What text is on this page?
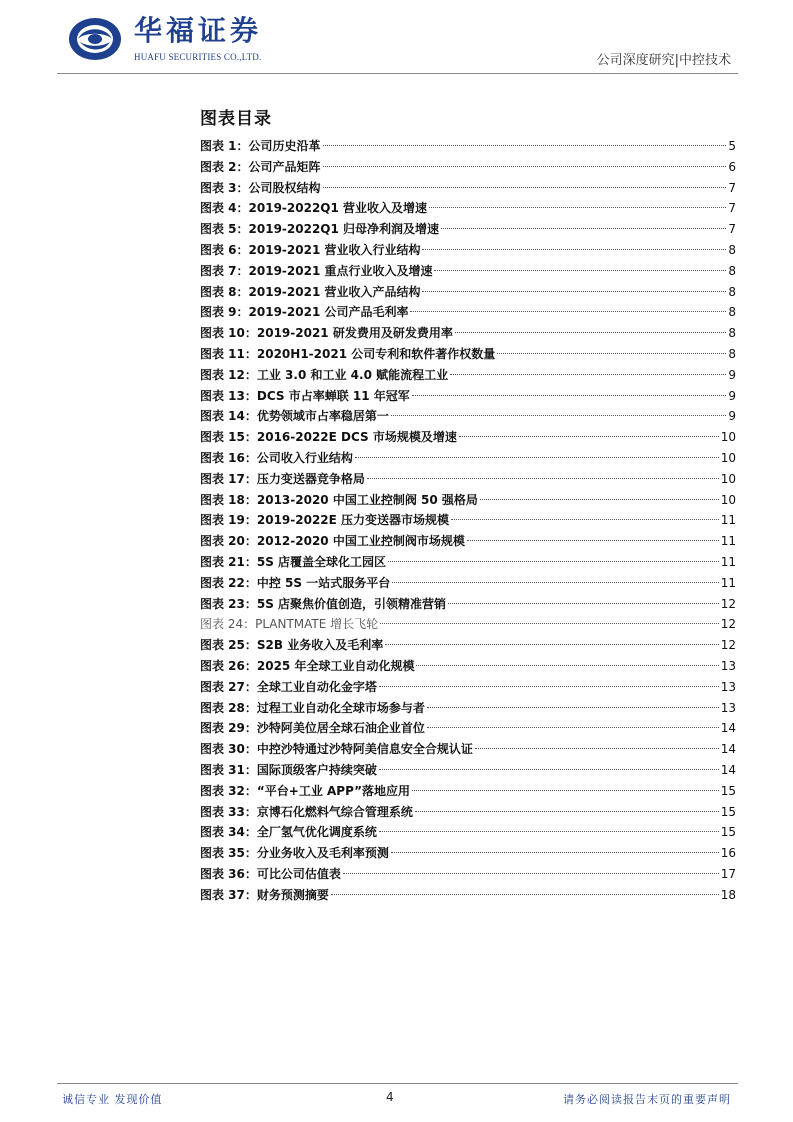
华福证券
HUAFU SECURITIES CO.,LTD.	公司深度研究|中控技术
图表目录
图表 1：公司历史沿革	5
图表 2：公司产品矩阵	6
图表 3：公司股权结构	7
图表 4：2019-2022Q1 营业收入及增速	7
图表 5：2019-2022Q1 归母净利润及增速	7
图表 6：2019-2021 营业收入行业结构	8
图表 7：2019-2021 重点行业收入及增速	8
图表 8：2019-2021 营业收入产品结构	8
图表 9：2019-2021 公司产品毛利率	8
图表 10：2019-2021 研发费用及研发费用率	8
图表 11：2020H1-2021 公司专利和软件著作权数量	8
图表 12：工业 3.0 和工业 4.0 赋能流程工业	9
图表 13：DCS 市占率蝉联 11 年冠军	9
图表 14：优势领域市占率稳居第一	9
图表 15：2016-2022E DCS 市场规模及增速	10
图表 16：公司收入行业结构	10
图表 17：压力变送器竞争格局	10
图表 18：2013-2020 中国工业控制阀 50 强格局	10
图表 19：2019-2022E 压力变送器市场规模	11
图表 20：2012-2020 中国工业控制阀市场规模	11
图表 21：5S 店覆盖全球化工园区	11
图表 22：中控 5S 一站式服务平台	11
图表 23：5S 店聚焦价值创造，引领精准营销	12
图表 24：PLANTMATE 增长飞轮	12
图表 25：S2B 业务收入及毛利率	12
图表 26：2025 年全球工业自动化规模	13
图表 27：全球工业自动化金字塔	13
图表 28：过程工业自动化全球市场参与者	13
图表 29：沙特阿美位居全球石油企业首位	14
图表 30：中控沙特通过沙特阿美信息安全合规认证	14
图表 31：国际顶级客户持续突破	14
图表 32：“平台+工业 APP”落地应用	15
图表 33：京博石化燃料气综合管理系统	15
图表 34：全厂氢气优化调度系统	15
图表 35：分业务收入及毛利率预测	16
图表 36：可比公司估值表	17
图表 37：财务预测摘要	18
诚信专业 发现价值	4	请务必阅读报告末页的重要声明
